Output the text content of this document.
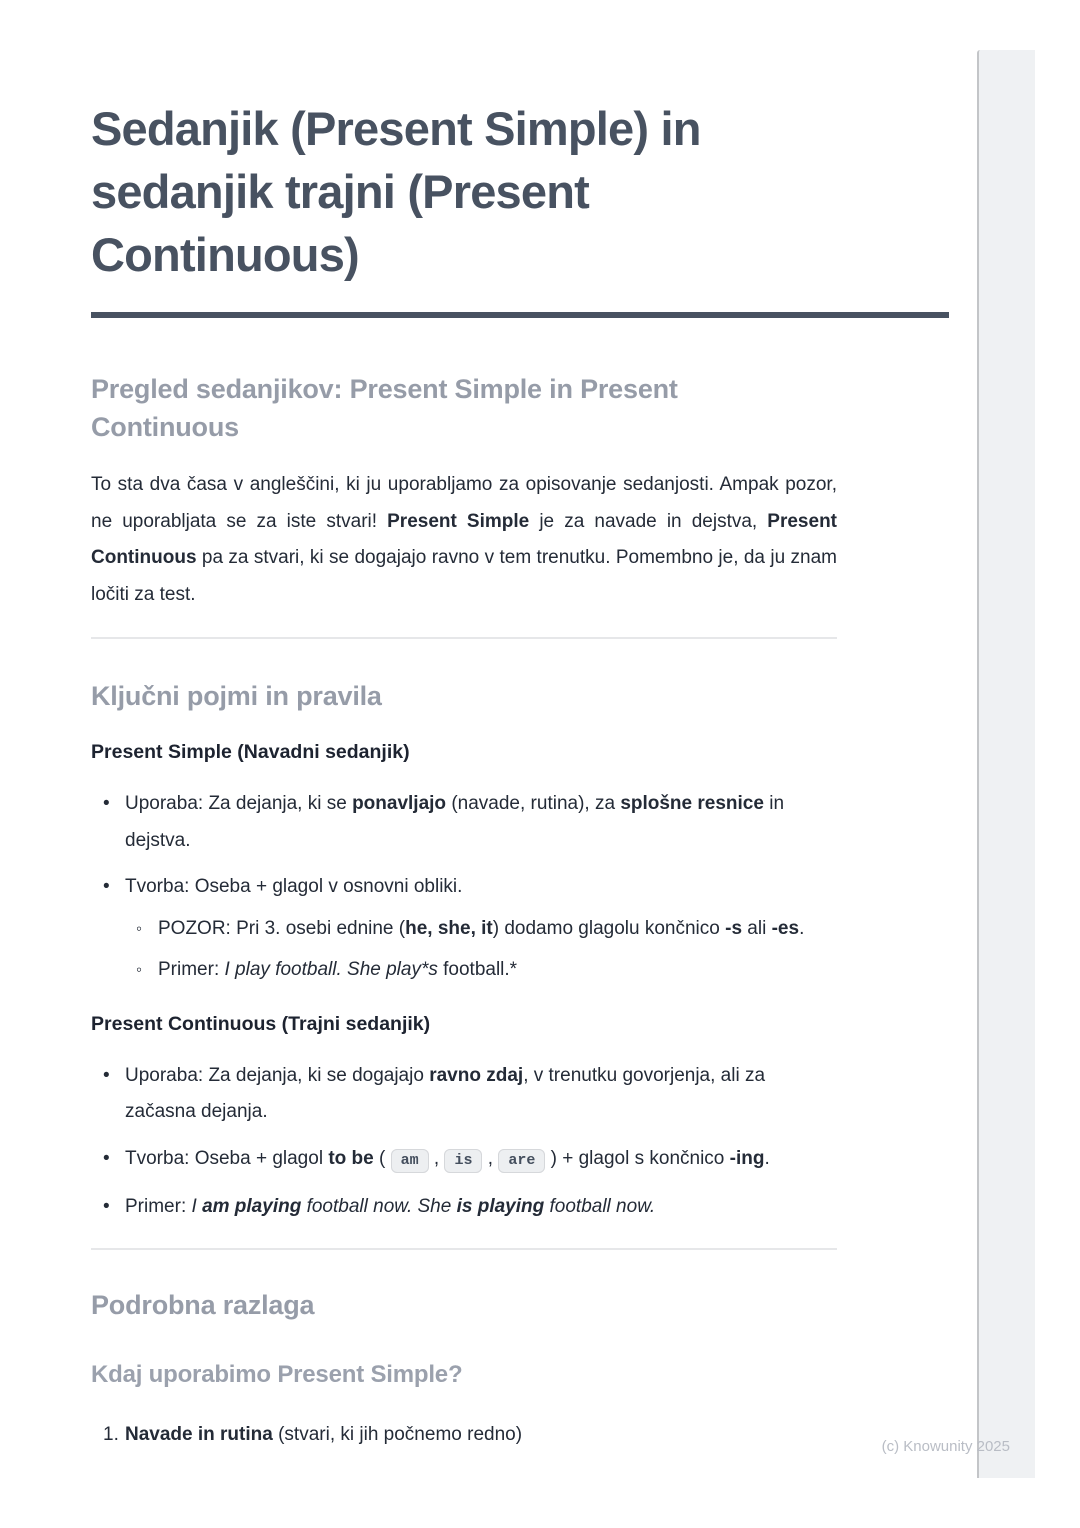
Sedanjik (Present Simple) in
sedanjik trajni (Present
Continuous)
Pregled sedanjikov: Present Simple in Present
Continuous

To sta dva časa v angleščini, ki ju uporabljamo za opisovanje sedanjosti. Ampak pozor, ne uporabljata se za iste stvari! Present Simple je za navade in dejstva, Present Continuous pa za stvari, ki se dogajajo ravno v tem trenutku. Pomembno je, da ju znam ločiti za test.

Ključni pojmi in pravila
Present Simple (Navadni sedanjik)
• Uporaba: Za dejanja, ki se ponavljajo (navade, rutina), za splošne resnice in dejstva.
• Tvorba: Oseba + glagol v osnovni obliki.
◦ POZOR: Pri 3. osebi ednine (he, she, it) dodamo glagolu končnico -s ali -es.
◦ Primer: I play football. She play*s football.*
Present Continuous (Trajni sedanjik)
• Uporaba: Za dejanja, ki se dogajajo ravno zdaj, v trenutku govorjenja, ali za začasna dejanja.
• Tvorba: Oseba + glagol to be ( am , is , are ) + glagol s končnico -ing.
• Primer: I am playing football now. She is playing football now.
Podrobna razlaga
Kdaj uporabimo Present Simple?
1. Navade in rutina (stvari, ki jih počnemo redno)
(c) Knowunity 2025
